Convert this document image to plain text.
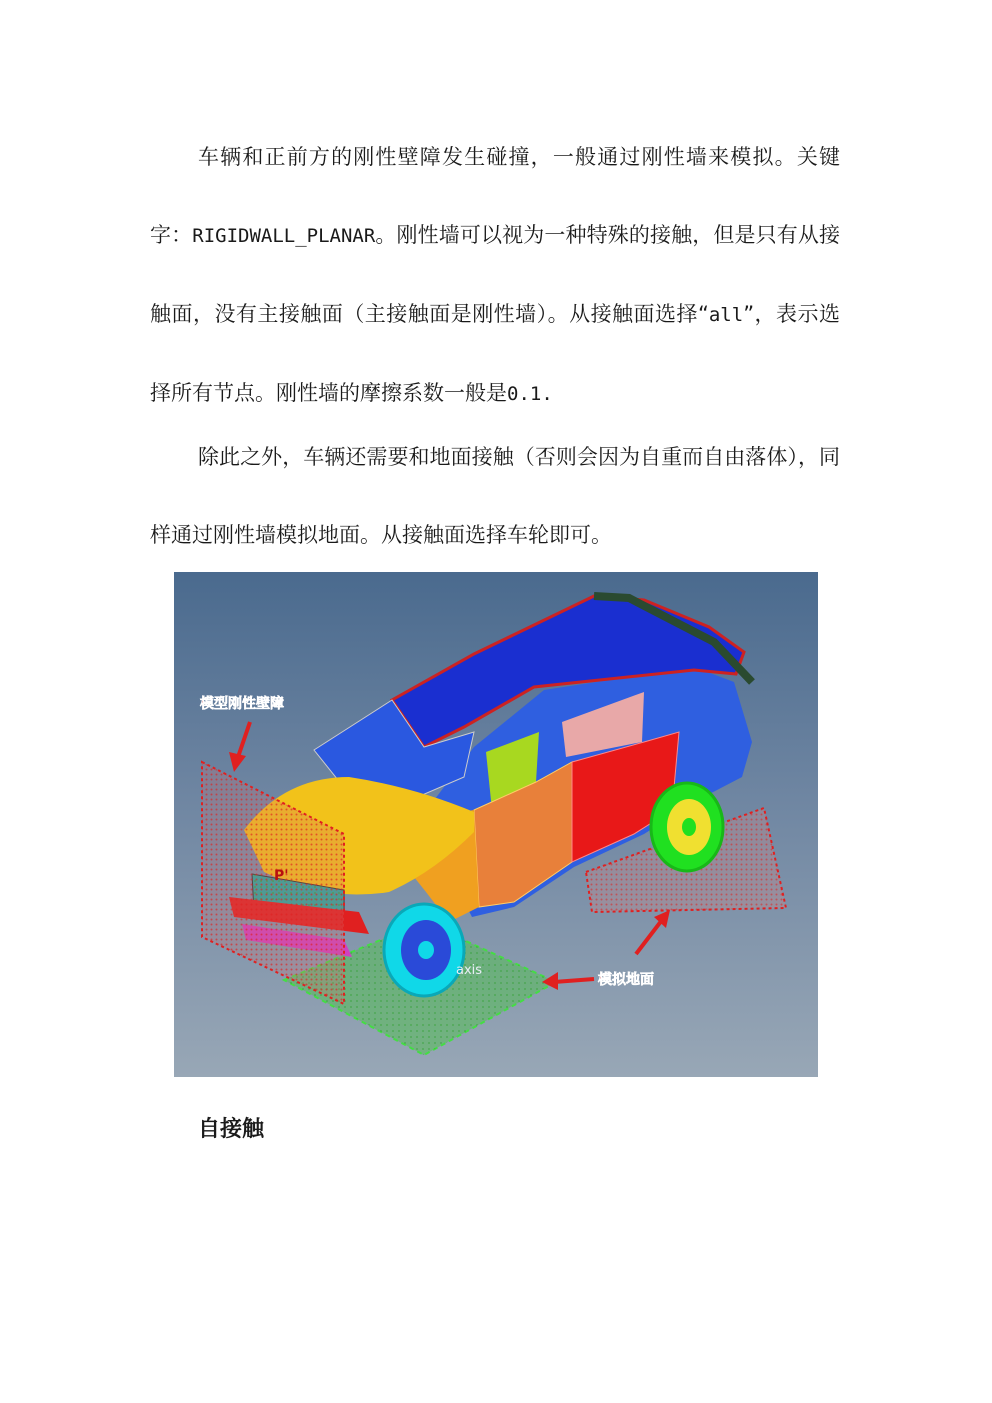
车辆和正前方的刚性壁障发生碰撞，一般通过刚性墙来模拟。关键字：RIGIDWALL_PLANAR。刚性墙可以视为一种特殊的接触，但是只有从接触面，没有主接触面（主接触面是刚性墙）。从接触面选择“all”，表示选择所有节点。刚性墙的摩擦系数一般是0.1.

除此之外，车辆还需要和地面接触（否则会因为自重而自由落体），同样通过刚性墙模拟地面。从接触面选择车轮即可。

P'
axis
模型刚性壁障
模拟地面
自接触
